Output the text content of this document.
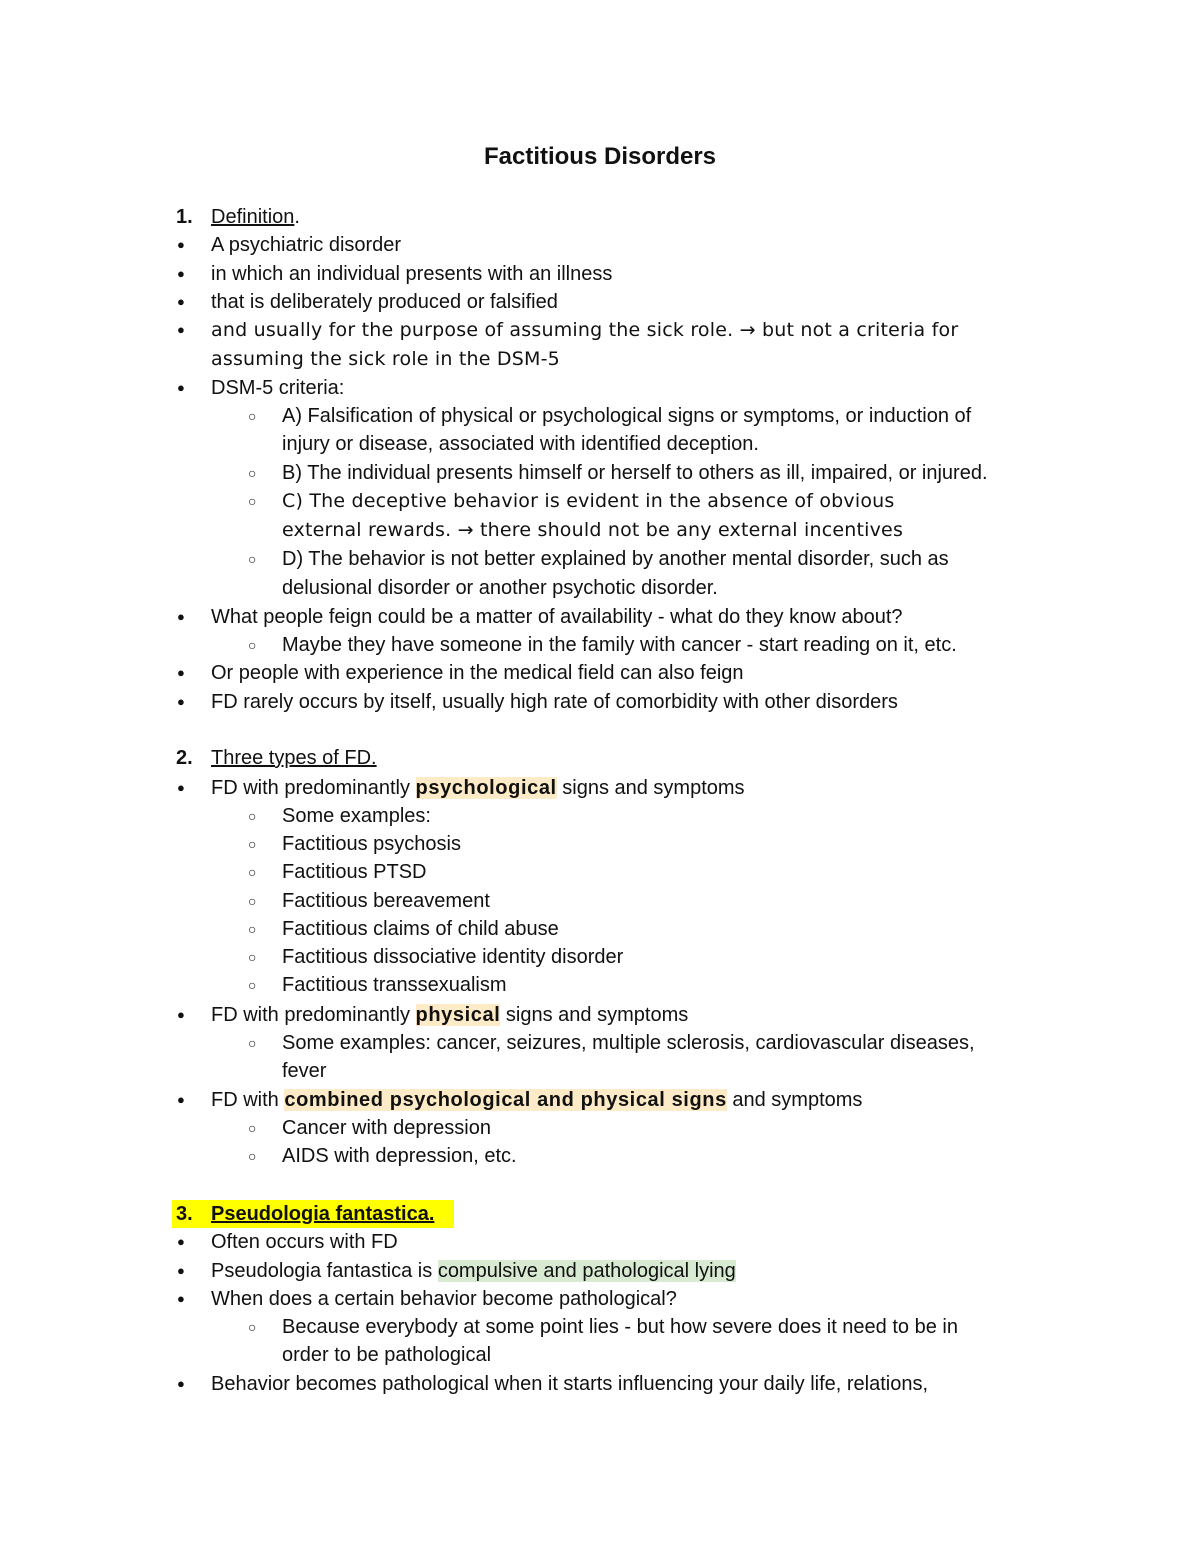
Factitious Disorders
1. Definition.
● A psychiatric disorder
● in which an individual presents with an illness
● that is deliberately produced or falsified
● and usually for the purpose of assuming the sick role. → but not a criteria for
assuming the sick role in the DSM-5
● DSM-5 criteria:
○ A) Falsification of physical or psychological signs or symptoms, or induction of
injury or disease, associated with identified deception.
○ B) The individual presents himself or herself to others as ill, impaired, or injured.
○ C) The deceptive behavior is evident in the absence of obvious
external rewards. → there should not be any external incentives
○ D) The behavior is not better explained by another mental disorder, such as
delusional disorder or another psychotic disorder.
● What people feign could be a matter of availability - what do they know about?
○ Maybe they have someone in the family with cancer - start reading on it, etc.
● Or people with experience in the medical field can also feign
● FD rarely occurs by itself, usually high rate of comorbidity with other disorders
2. Three types of FD.
● FD with predominantly psychological signs and symptoms
○ Some examples:
○ Factitious psychosis
○ Factitious PTSD
○ Factitious bereavement
○ Factitious claims of child abuse
○ Factitious dissociative identity disorder
○ Factitious transsexualism
● FD with predominantly physical signs and symptoms
○ Some examples: cancer, seizures, multiple sclerosis, cardiovascular diseases,
fever
● FD with combined psychological and physical signs and symptoms
○ Cancer with depression
○ AIDS with depression, etc.
3. Pseudologia fantastica.
● Often occurs with FD
● Pseudologia fantastica is compulsive and pathological lying
● When does a certain behavior become pathological?
○ Because everybody at some point lies - but how severe does it need to be in
order to be pathological
● Behavior becomes pathological when it starts influencing your daily life, relations,
